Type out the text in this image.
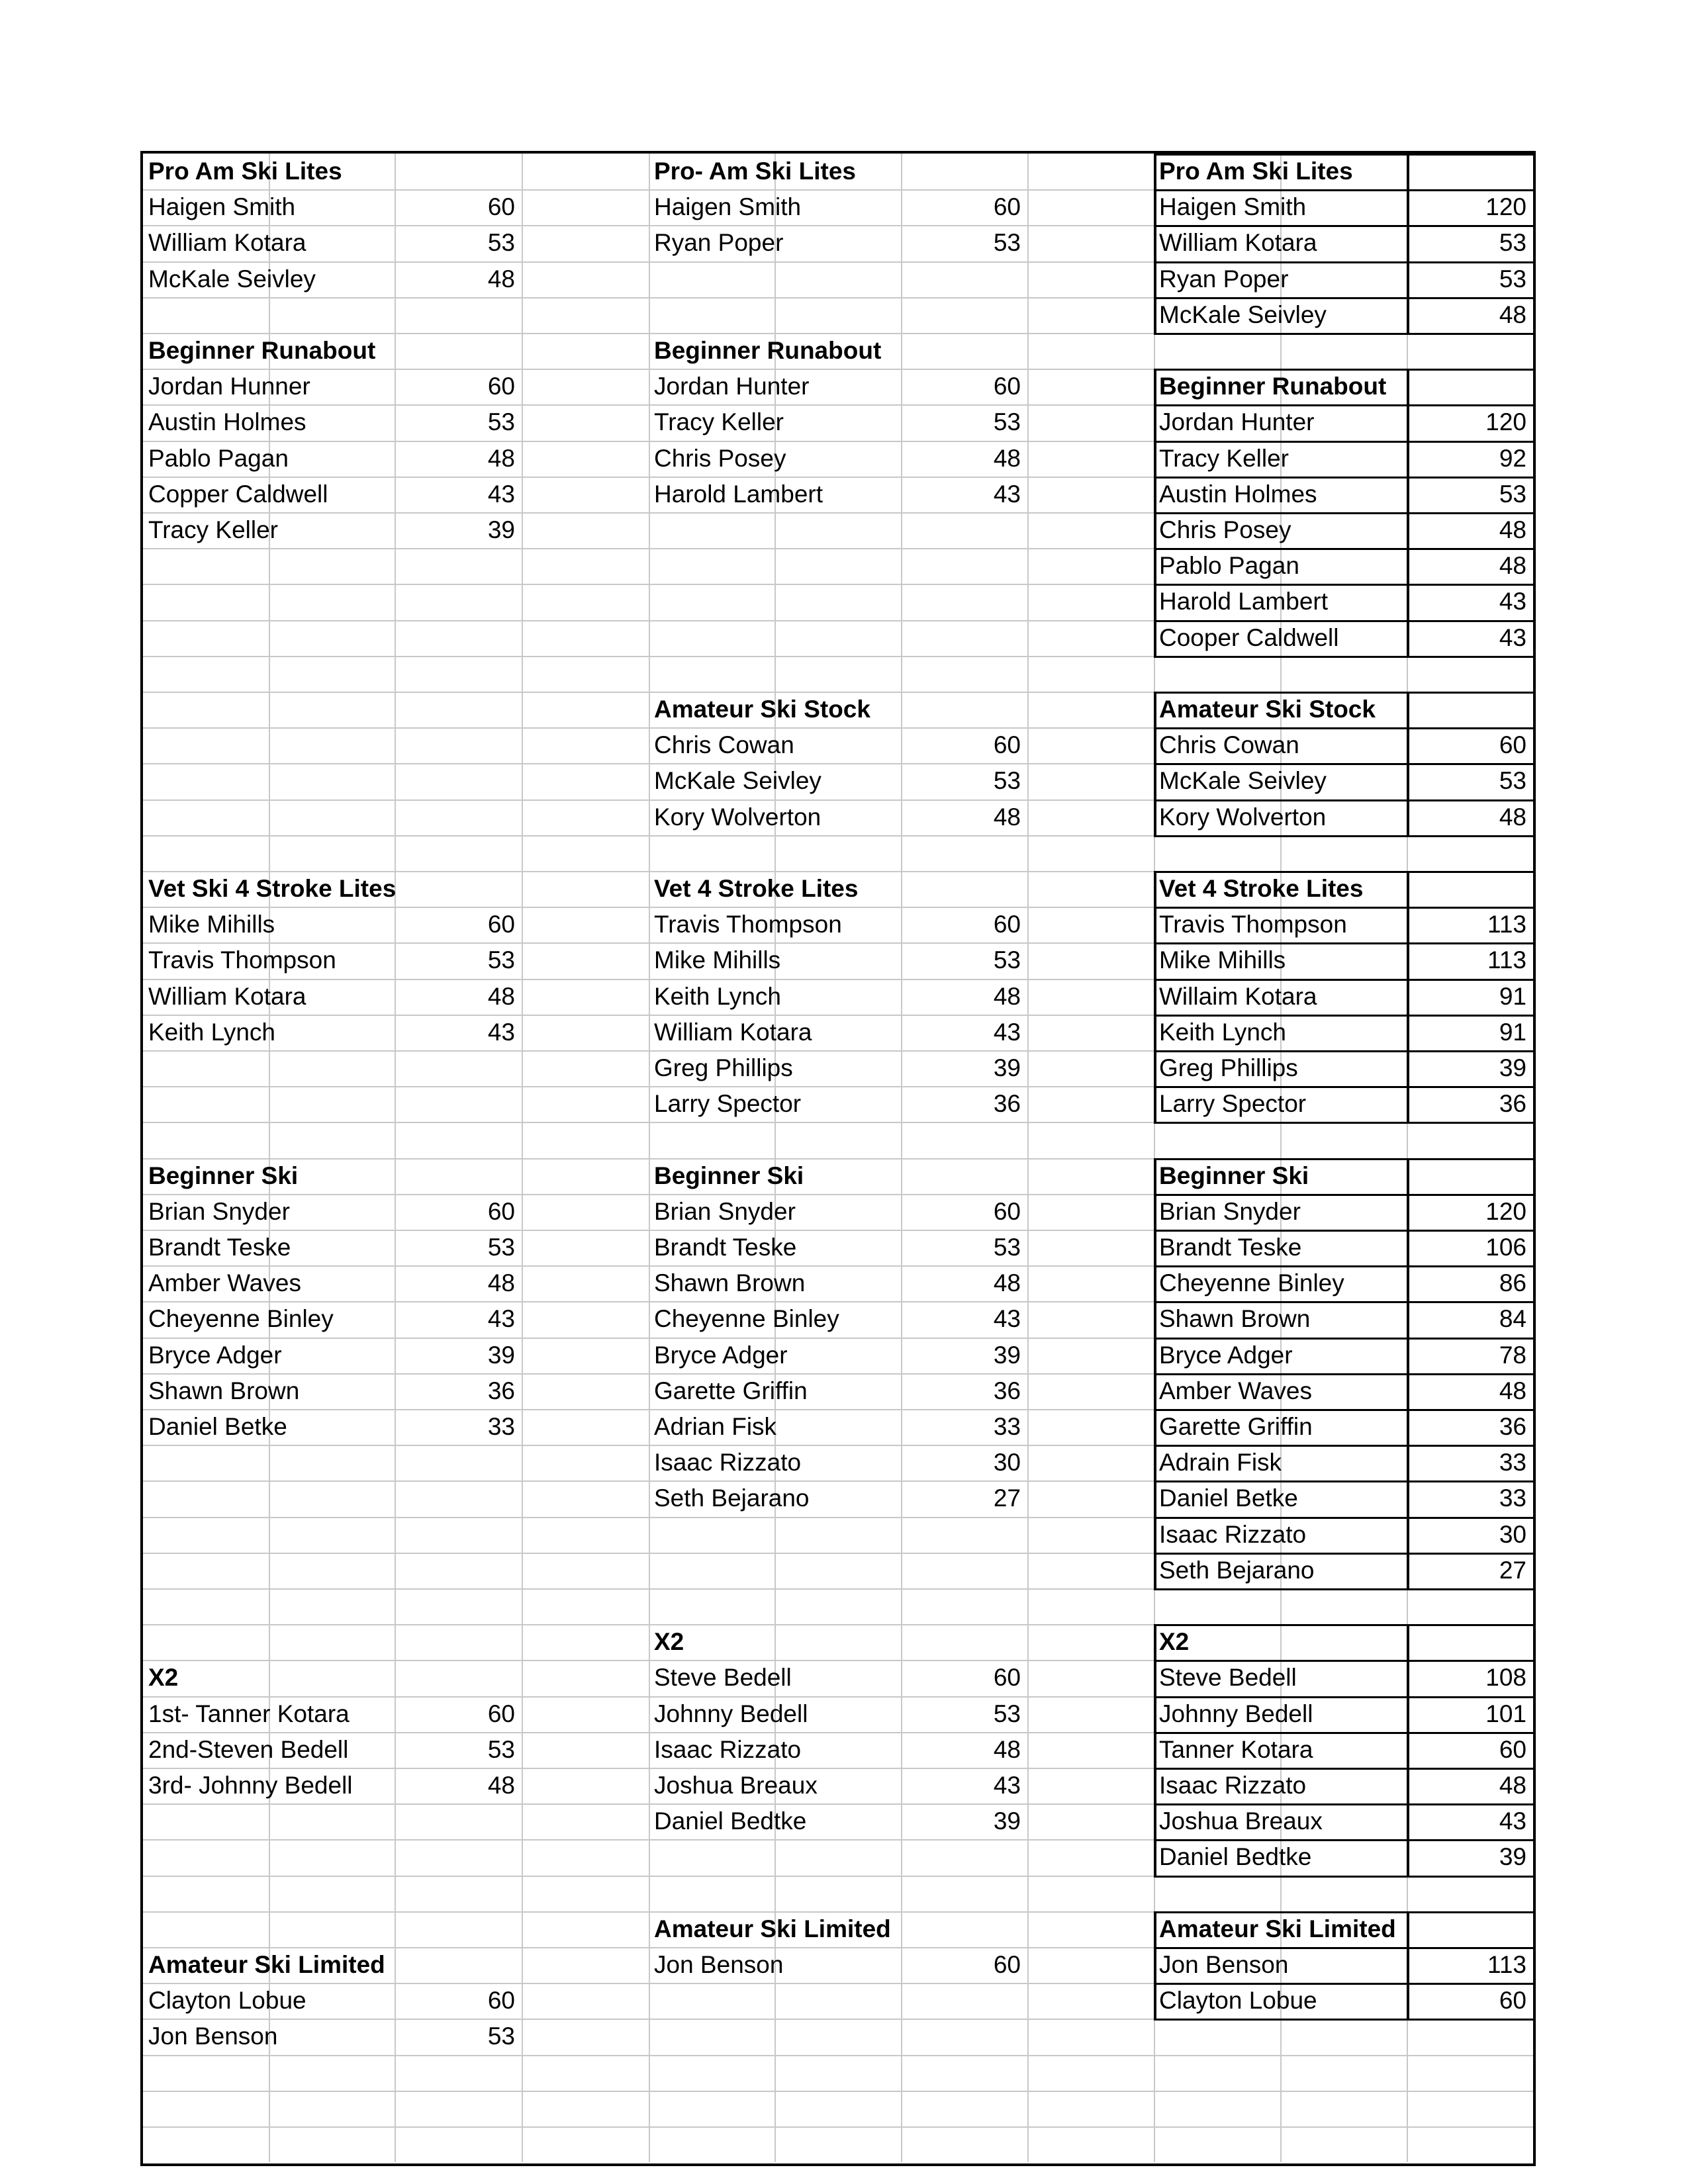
Pro Am Ski Lites
Haigen Smith	60
William Kotara	53
McKale Seivley	48
Beginner Runabout
Jordan Hunner	60
Austin Holmes	53
Pablo Pagan	48
Copper Caldwell	43
Tracy Keller	39
Vet Ski 4 Stroke Lites
Mike Mihills	60
Travis Thompson	53
William Kotara	48
Keith Lynch	43
Beginner Ski
Brian Snyder	60
Brandt Teske	53
Amber Waves	48
Cheyenne Binley	43
Bryce Adger	39
Shawn Brown	36
Daniel Betke	33
X2
1st- Tanner Kotara	60
2nd-Steven Bedell	53
3rd- Johnny Bedell	48
Amateur Ski Limited
Clayton Lobue	60
Jon Benson	53
Pro- Am Ski Lites
Haigen Smith	60
Ryan Poper	53
Beginner Runabout
Jordan Hunter	60
Tracy Keller	53
Chris Posey	48
Harold Lambert	43
Amateur Ski Stock
Chris Cowan	60
McKale Seivley	53
Kory Wolverton	48
Vet 4 Stroke Lites
Travis Thompson	60
Mike Mihills	53
Keith Lynch	48
William Kotara	43
Greg Phillips	39
Larry Spector	36
Beginner Ski
Brian Snyder	60
Brandt Teske	53
Shawn Brown	48
Cheyenne Binley	43
Bryce Adger	39
Garette Griffin	36
Adrian Fisk	33
Isaac Rizzato	30
Seth Bejarano	27
X2
Steve Bedell	60
Johnny Bedell	53
Isaac Rizzato	48
Joshua Breaux	43
Daniel Bedtke	39
Amateur Ski Limited
Jon Benson	60
Pro Am Ski Lites
Haigen Smith	120
William Kotara	53
Ryan Poper	53
McKale Seivley	48
Beginner Runabout
Jordan Hunter	120
Tracy Keller	92
Austin Holmes	53
Chris Posey	48
Pablo Pagan	48
Harold Lambert	43
Cooper Caldwell	43
Amateur Ski Stock
Chris Cowan	60
McKale Seivley	53
Kory Wolverton	48
Vet 4 Stroke Lites
Travis Thompson	113
Mike Mihills	113
Willaim Kotara	91
Keith Lynch	91
Greg Phillips	39
Larry Spector	36
Beginner Ski
Brian Snyder	120
Brandt Teske	106
Cheyenne Binley	86
Shawn Brown	84
Bryce Adger	78
Amber Waves	48
Garette Griffin	36
Adrain Fisk	33
Daniel Betke	33
Isaac Rizzato	30
Seth Bejarano	27
X2
Steve Bedell	108
Johnny Bedell	101
Tanner Kotara	60
Isaac Rizzato	48
Joshua Breaux	43
Daniel Bedtke	39
Amateur Ski Limited
Jon Benson	113
Clayton Lobue	60
